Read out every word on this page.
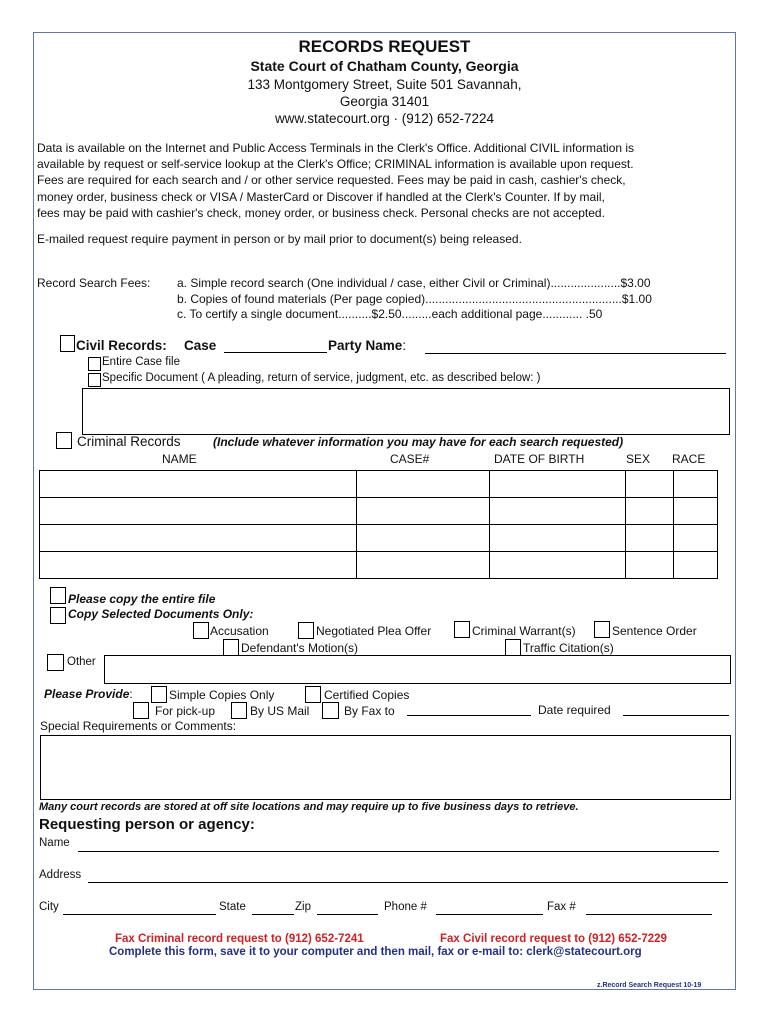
RECORDS REQUEST
State Court of Chatham County, Georgia
133 Montgomery Street, Suite 501 Savannah,
Georgia 31401
www.statecourt.org · (912) 652-7224
Data is available on the Internet and Public Access Terminals in the Clerk's Office. Additional CIVIL information is
available by request or self-service lookup at the Clerk's Office; CRIMINAL information is available upon request.
Fees are required for each search and / or other service requested. Fees may be paid in cash, cashier's check,
money order, business check or VISA / MasterCard or Discover if handled at the Clerk's Counter. If by mail,
fees may be paid with cashier's check, money order, or business check. Personal checks are not accepted.
E-mailed request require payment in person or by mail prior to document(s) being released.
Record Search Fees: a. Simple record search (One individual / case, either Civil or Criminal).....................$3.00
b. Copies of found materials (Per page copied)...........................................................$1.00
c. To certify a single document..........$2.50.........each additional page............ .50
Civil Records: Case	Party Name:
Entire Case file
Specific Document ( A pleading, return of service, judgment, etc. as described below: )
Criminal Records	(Include whatever information you may have for each search requested)
NAME	CASE#	DATE OF BIRTH	SEX RACE

Please copy the entire file
Copy Selected Documents Only:
Accusation	Negotiated Plea Offer	Criminal Warrant(s)	Sentence Order
Defendant's Motion(s)	Traffic Citation(s)
Other
Please Provide:	Simple Copies Only	Certified Copies
For pick-up	By US Mail	By Fax to	Date required
Special Requirements or Comments:
Many court records are stored at off site locations and may require up to five business days to retrieve.
Requesting person or agency:
Name
Address
City	State	Zip	Phone #	Fax #
Fax Criminal record request to (912) 652-7241	Fax Civil record request to (912) 652-7229
Complete this form, save it to your computer and then mail, fax or e-mail to: clerk@statecourt.org
z.Record Search Request 10-19
